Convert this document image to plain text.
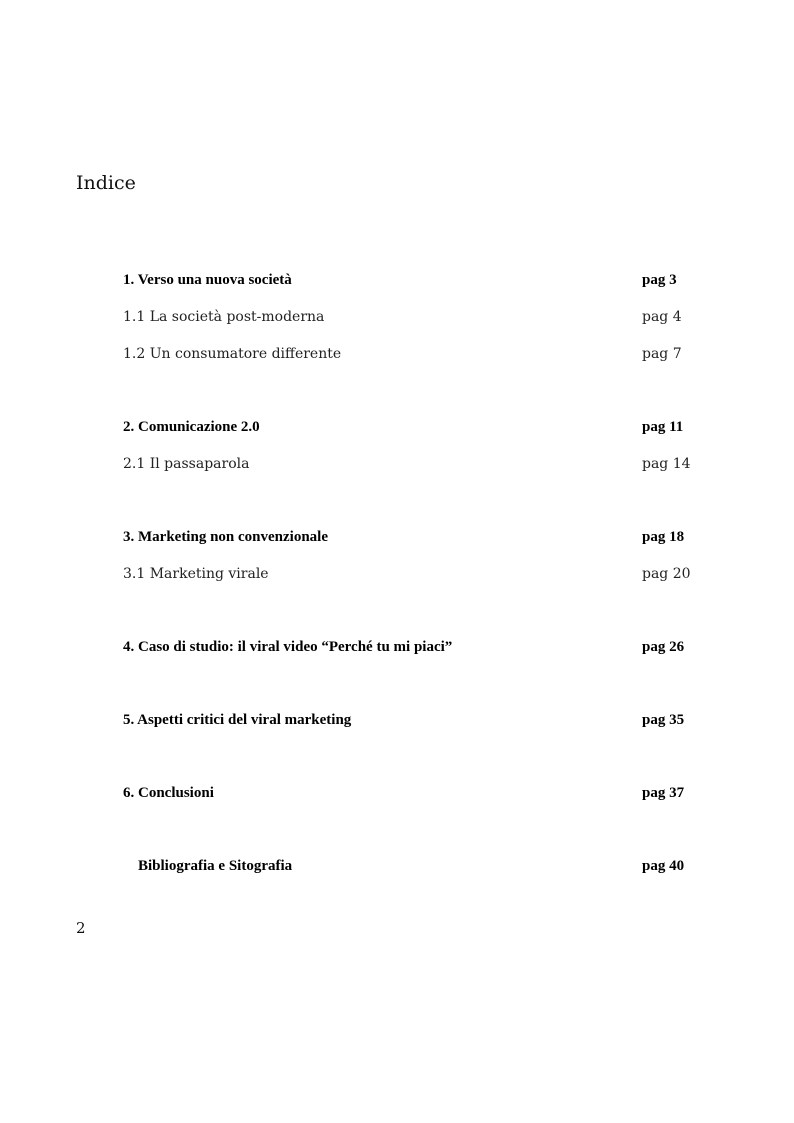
Indice
1. Verso una nuova società	pag 3
1.1 La società post-moderna	pag 4
1.2 Un consumatore differente	pag 7
2. Comunicazione 2.0	pag 11
2.1 Il passaparola	pag 14
3. Marketing non convenzionale	pag 18
3.1 Marketing virale	pag 20
4. Caso di studio: il viral video “Perché tu mi piaci”	pag 26
5. Aspetti critici del viral marketing	pag 35
6. Conclusioni	pag 37
Bibliografia e Sitografia	pag 40
2
